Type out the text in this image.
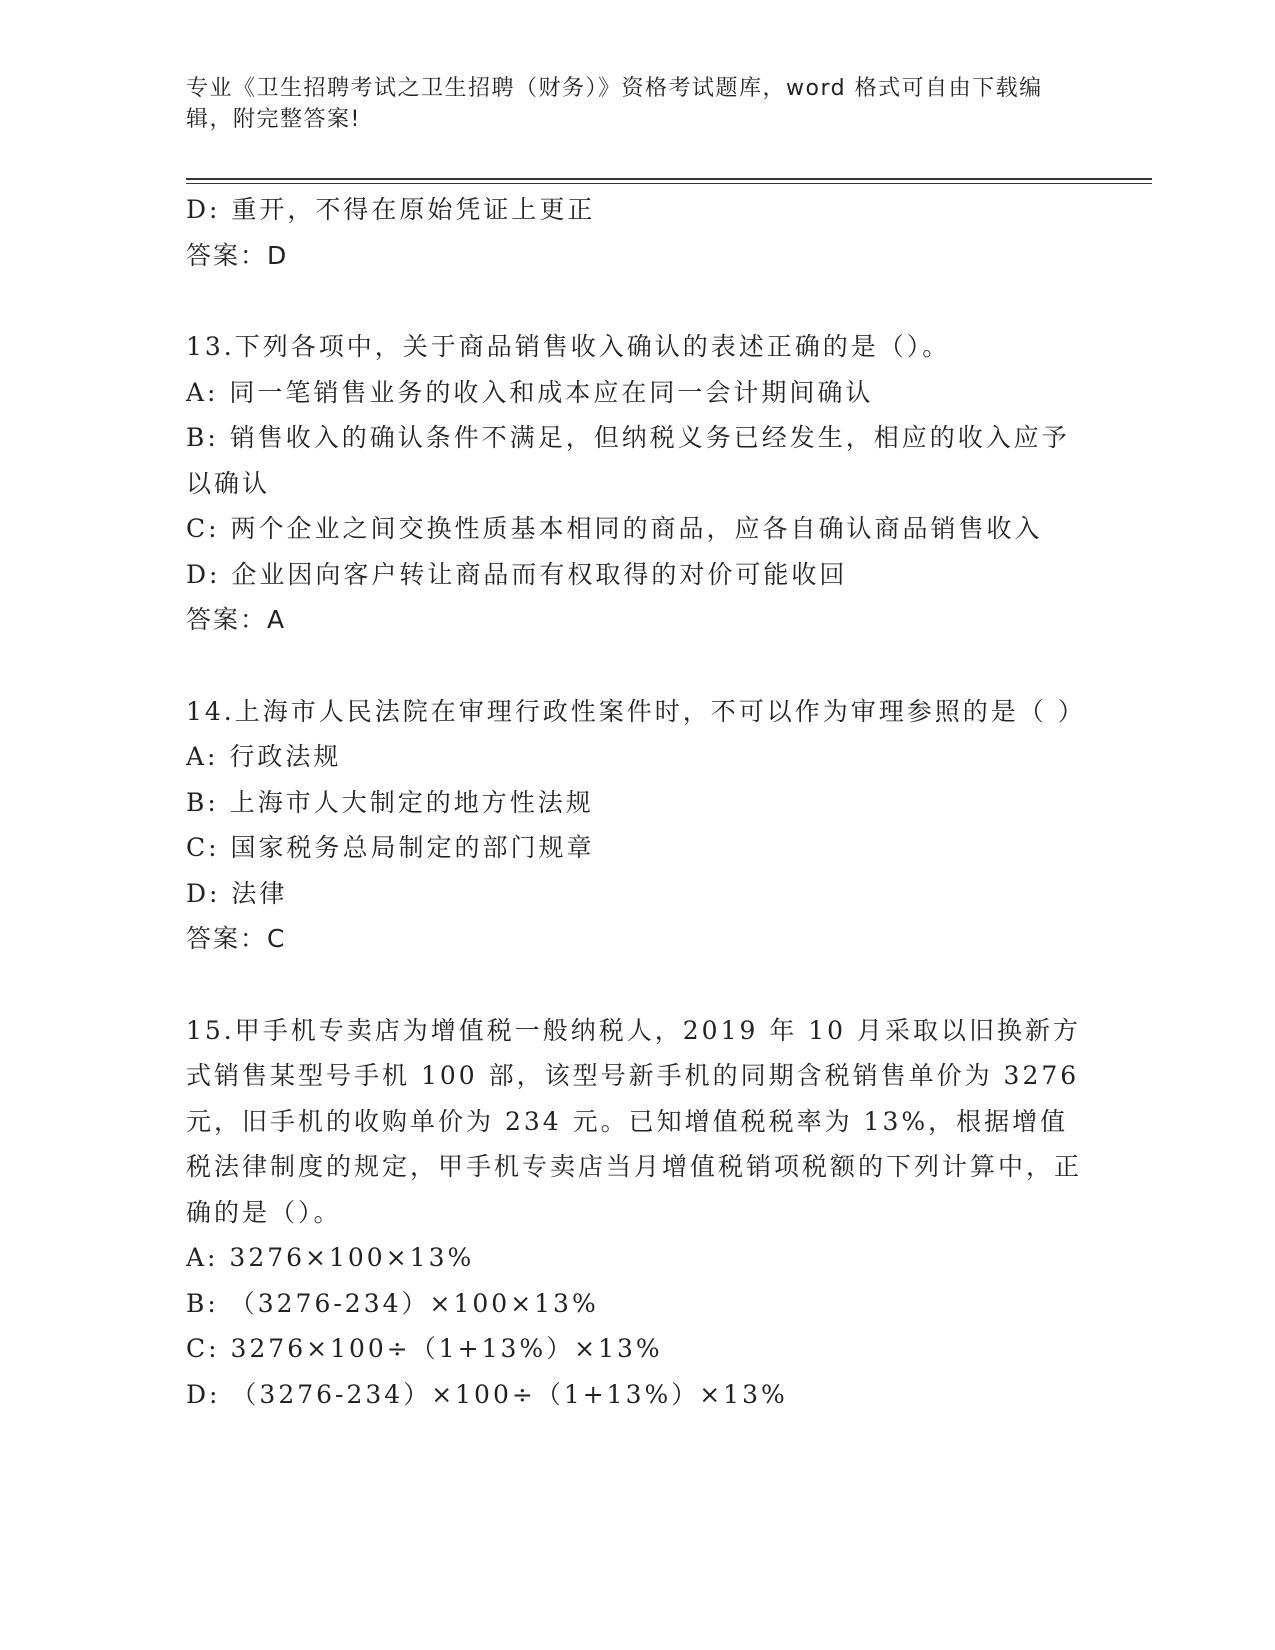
专业《卫生招聘考试之卫生招聘（财务）》资格考试题库，word 格式可自由下载编辑，附完整答案!

D: 重开，不得在原始凭证上更正

答案：D

13.下列各项中，关于商品销售收入确认的表述正确的是（）。

A: 同一笔销售业务的收入和成本应在同一会计期间确认

B: 销售收入的确认条件不满足，但纳税义务已经发生，相应的收入应予以确认

C: 两个企业之间交换性质基本相同的商品，应各自确认商品销售收入

D: 企业因向客户转让商品而有权取得的对价可能收回

答案：A

14.上海市人民法院在审理行政性案件时，不可以作为审理参照的是（ ）

A: 行政法规

B: 上海市人大制定的地方性法规

C: 国家税务总局制定的部门规章

D: 法律

答案：C

15.甲手机专卖店为增值税一般纳税人，2019 年 10 月采取以旧换新方式销售某型号手机 100 部，该型号新手机的同期含税销售单价为 3276 元，旧手机的收购单价为 234 元。已知增值税税率为 13%，根据增值税法律制度的规定，甲手机专卖店当月增值税销项税额的下列计算中，正确的是（）。

A: 3276×100×13%

B: （3276-234）×100×13%

C: 3276×100÷（1+13%）×13%

D: （3276-234）×100÷（1+13%）×13%
